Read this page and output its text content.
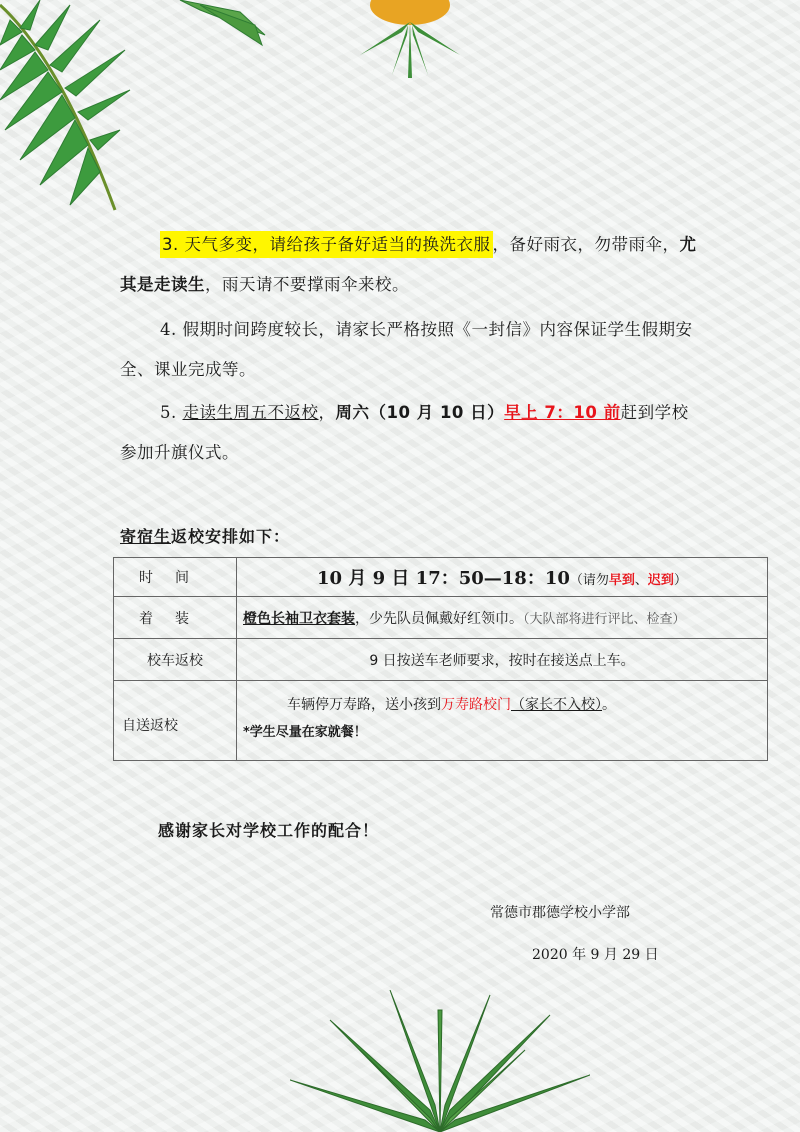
3. 天气多变，请给孩子备好适当的换洗衣服 ，备好雨衣，勿带雨伞，尤其是走读生，雨天请不要撑雨伞来校。
4. 假期时间跨度较长，请家长严格按照《一封信》内容保证学生假期安全、课业完成等。
5. 走读生周五不返校，周六（10 月 10 日）早上 7：10 前赶到学校参加升旗仪式。
寄宿生返校安排如下：
时间	10 月 9 日 17：50—18：10（请勿早到、迟到）
着装	橙色长袖卫衣套装，少先队员佩戴好红领巾。（大队部将进行评比、检查）
校车返校	9 日按送车老师要求，按时在接送点上车。
自送返校	车辆停万寿路，送小孩到万寿路校门（家长不入校）。
*学生尽量在家就餐！
感谢家长对学校工作的配合！
常德市郡德学校小学部
2020 年 9 月 29 日
